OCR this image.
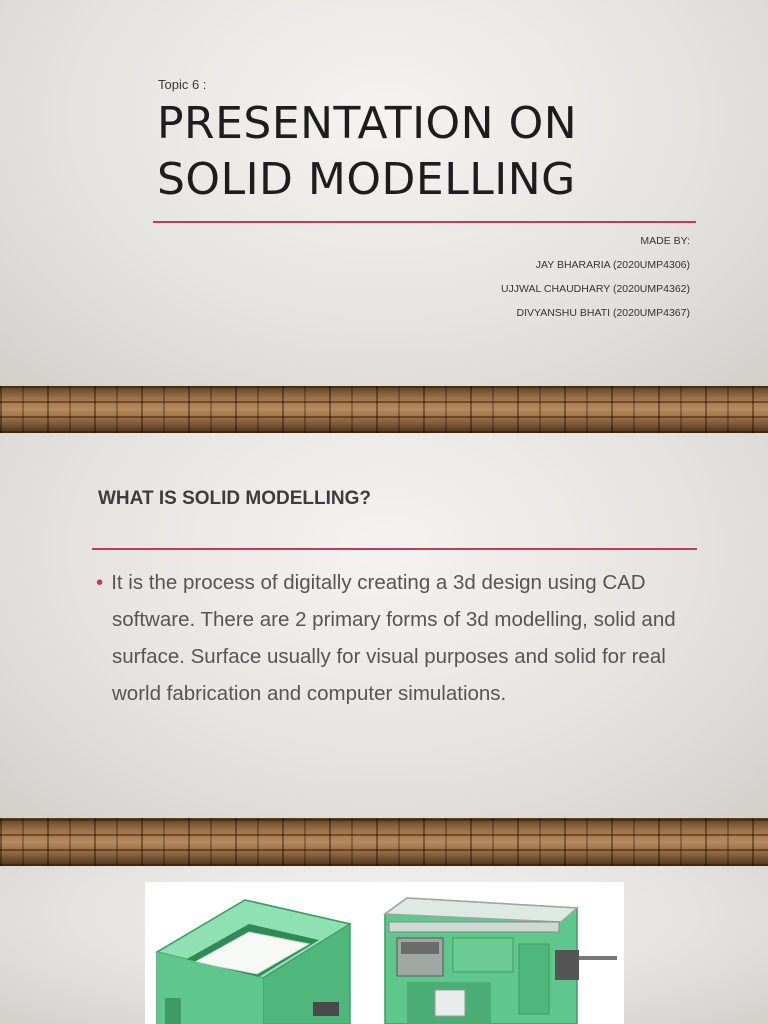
Topic 6 :
PRESENTATION ON
SOLID MODELLING
MADE BY:
JAY BHARARIA (2020UMP4306)
UJJWAL CHAUDHARY (2020UMP4362)
DIVYANSHU BHATI (2020UMP4367)
WHAT IS SOLID MODELLING?

• It is the process of digitally creating a 3d design using CAD software. There are 2 primary forms of 3d modelling, solid and surface. Surface usually for visual purposes and solid for real world fabrication and computer simulations.
